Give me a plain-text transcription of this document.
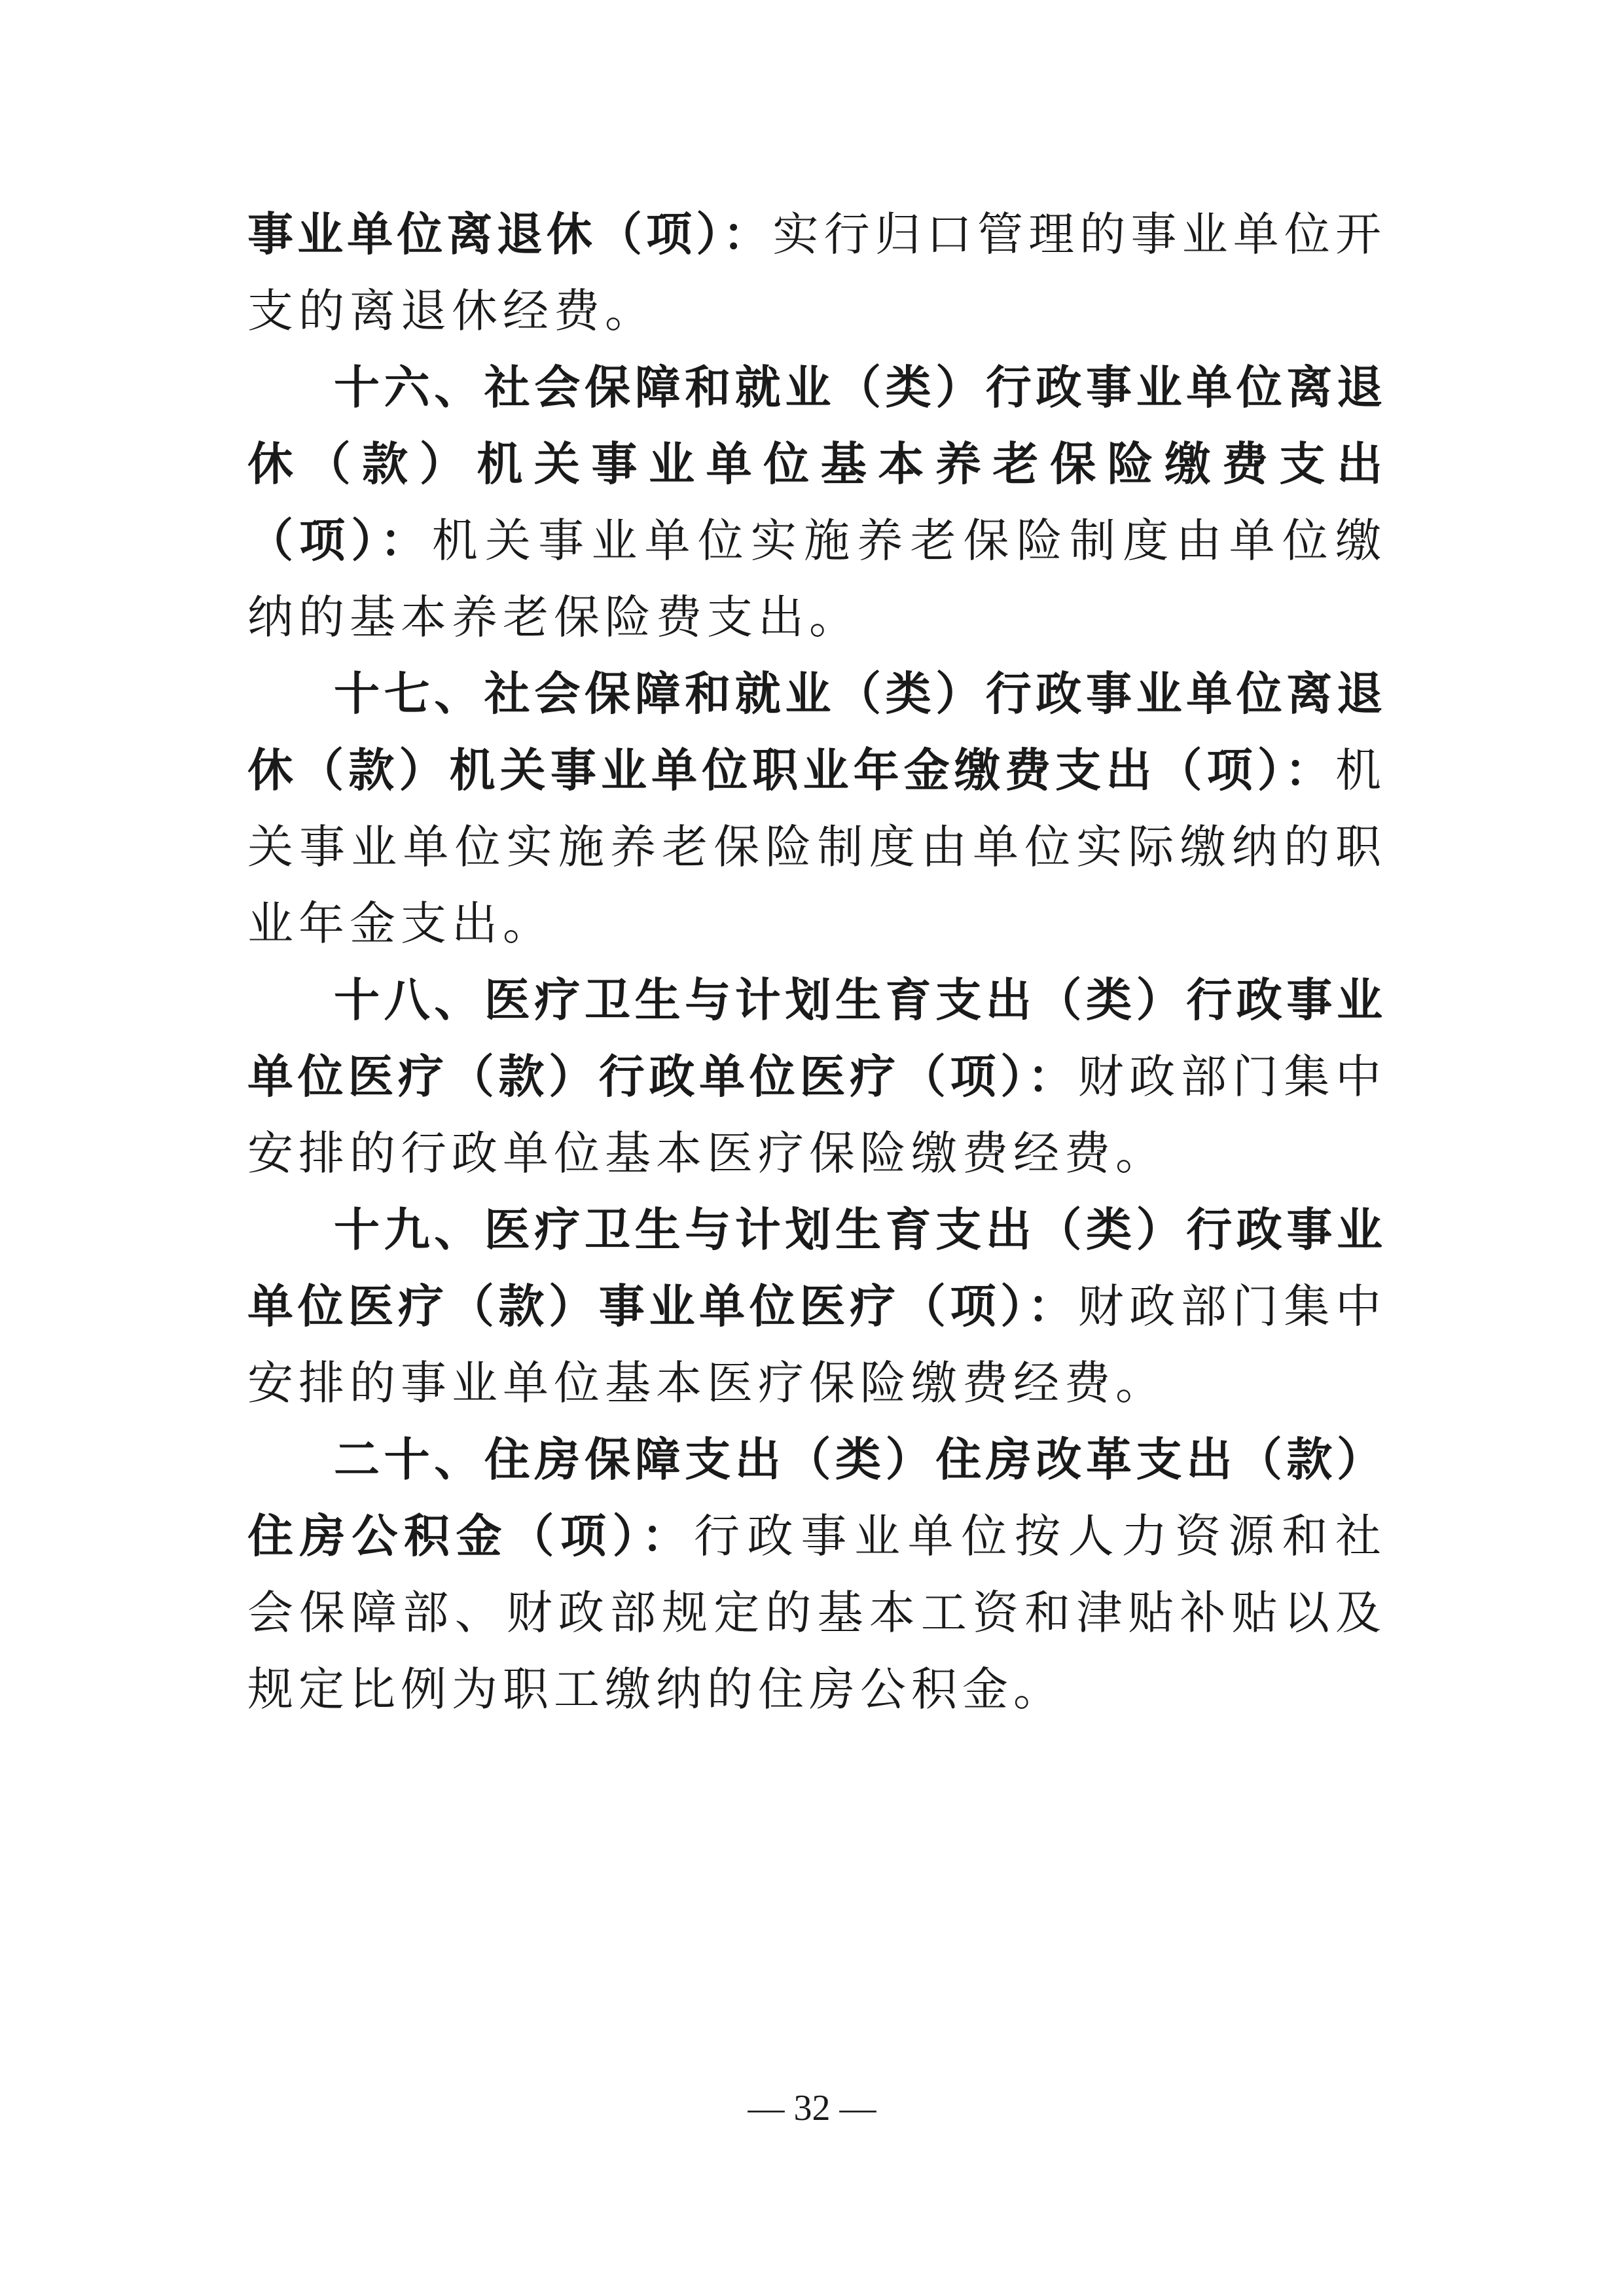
事业单位离退休（项）：实行归口管理的事业单位开支的离退休经费。

十六、社会保障和就业（类）行政事业单位离退休（款）机关事业单位基本养老保险缴费支出（项）：机关事业单位实施养老保险制度由单位缴纳的基本养老保险费支出。

十七、社会保障和就业（类）行政事业单位离退休（款）机关事业单位职业年金缴费支出（项）：机关事业单位实施养老保险制度由单位实际缴纳的职业年金支出。

十八、医疗卫生与计划生育支出（类）行政事业单位医疗（款）行政单位医疗（项）：财政部门集中安排的行政单位基本医疗保险缴费经费。

十九、医疗卫生与计划生育支出（类）行政事业单位医疗（款）事业单位医疗（项）：财政部门集中安排的事业单位基本医疗保险缴费经费。

二十、住房保障支出（类）住房改革支出（款）住房公积金（项）：行政事业单位按人力资源和社会保障部、财政部规定的基本工资和津贴补贴以及规定比例为职工缴纳的住房公积金。

— 32 —
